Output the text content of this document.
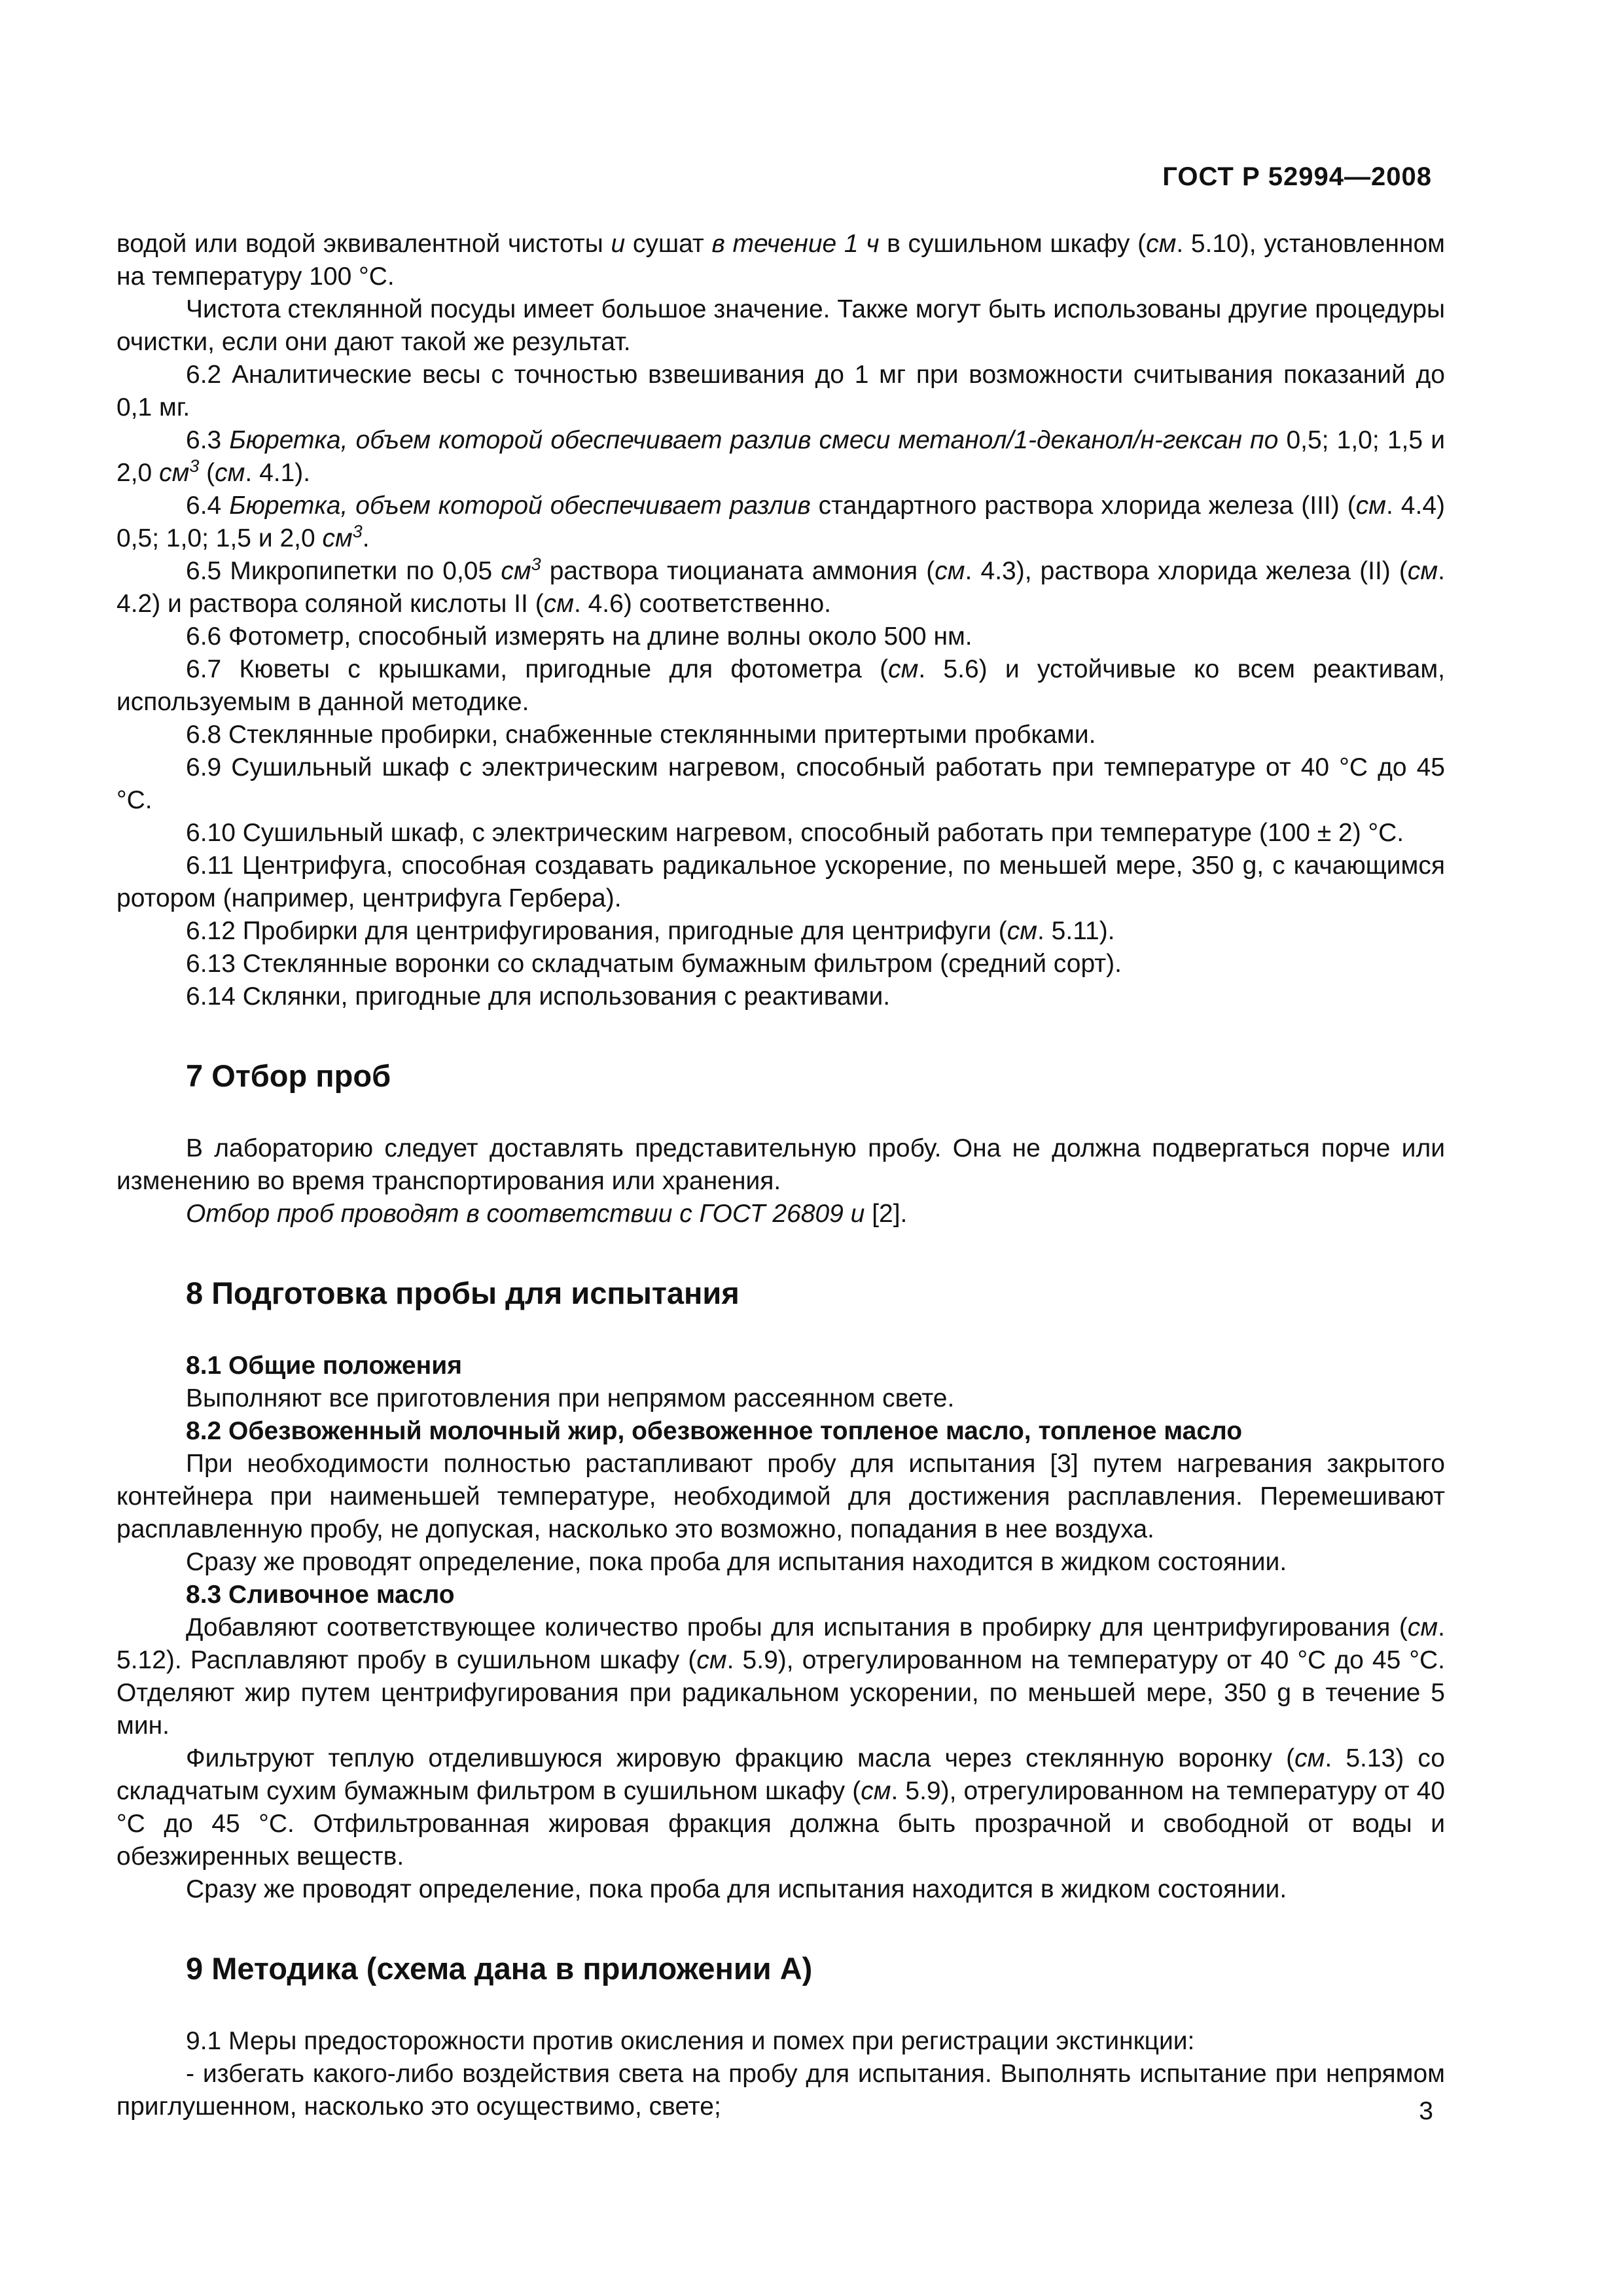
ГОСТ Р 52994—2008

водой или водой эквивалентной чистоты и сушат в течение 1 ч в сушильном шкафу (см. 5.10), установленном на температуру 100 °С.

Чистота стеклянной посуды имеет большое значение. Также могут быть использованы другие процедуры очистки, если они дают такой же результат.

6.2 Аналитические весы с точностью взвешивания до 1 мг при возможности считывания показаний до 0,1 мг.

6.3 Бюретка, объем которой обеспечивает разлив смеси метанол/1-деканол/н-гексан по 0,5; 1,0; 1,5 и 2,0 $см^3$ (см. 4.1).

6.4 Бюретка, объем которой обеспечивает разлив стандартного раствора хлорида железа (III) (см. 4.4) 0,5; 1,0; 1,5 и 2,0 $см^3$.

6.5 Микропипетки по 0,05 $см^3$ раствора тиоцианата аммония (см. 4.3), раствора хлорида железа (II) (см. 4.2) и раствора соляной кислоты II (см. 4.6) соответственно.

6.6 Фотометр, способный измерять на длине волны около 500 нм.

6.7 Кюветы с крышками, пригодные для фотометра (см. 5.6) и устойчивые ко всем реактивам, используемым в данной методике.

6.8 Стеклянные пробирки, снабженные стеклянными притертыми пробками.

6.9 Сушильный шкаф с электрическим нагревом, способный работать при температуре от 40 °С до 45 °С.

6.10 Сушильный шкаф, с электрическим нагревом, способный работать при температуре (100 ± 2) °С.

6.11 Центрифуга, способная создавать радикальное ускорение, по меньшей мере, 350 g, с качающимся ротором (например, центрифуга Гербера).

6.12 Пробирки для центрифугирования, пригодные для центрифуги (см. 5.11).

6.13 Стеклянные воронки со складчатым бумажным фильтром (средний сорт).

6.14 Склянки, пригодные для использования с реактивами.

7 Отбор проб

В лабораторию следует доставлять представительную пробу. Она не должна подвергаться порче или изменению во время транспортирования или хранения.

Отбор проб проводят в соответствии с ГОСТ 26809 и [2].

8 Подготовка пробы для испытания

8.1 Общие положения

Выполняют все приготовления при непрямом рассеянном свете.

8.2 Обезвоженный молочный жир, обезвоженное топленое масло, топленое масло

При необходимости полностью растапливают пробу для испытания [3] путем нагревания закрытого контейнера при наименьшей температуре, необходимой для достижения расплавления. Перемешивают расплавленную пробу, не допуская, насколько это возможно, попадания в нее воздуха.

Сразу же проводят определение, пока проба для испытания находится в жидком состоянии.

8.3 Сливочное масло

Добавляют соответствующее количество пробы для испытания в пробирку для центрифугирования (см. 5.12). Расплавляют пробу в сушильном шкафу (см. 5.9), отрегулированном на температуру от 40 °С до 45 °С. Отделяют жир путем центрифугирования при радикальном ускорении, по меньшей мере, 350 g в течение 5 мин.

Фильтруют теплую отделившуюся жировую фракцию масла через стеклянную воронку (см. 5.13) со складчатым сухим бумажным фильтром в сушильном шкафу (см. 5.9), отрегулированном на температуру от 40 °С до 45 °С. Отфильтрованная жировая фракция должна быть прозрачной и свободной от воды и обезжиренных веществ.

Сразу же проводят определение, пока проба для испытания находится в жидком состоянии.

9 Методика (схема дана в приложении А)

9.1 Меры предосторожности против окисления и помех при регистрации экстинкции:

- избегать какого-либо воздействия света на пробу для испытания. Выполнять испытание при непрямом приглушенном, насколько это осуществимо, свете;	3
